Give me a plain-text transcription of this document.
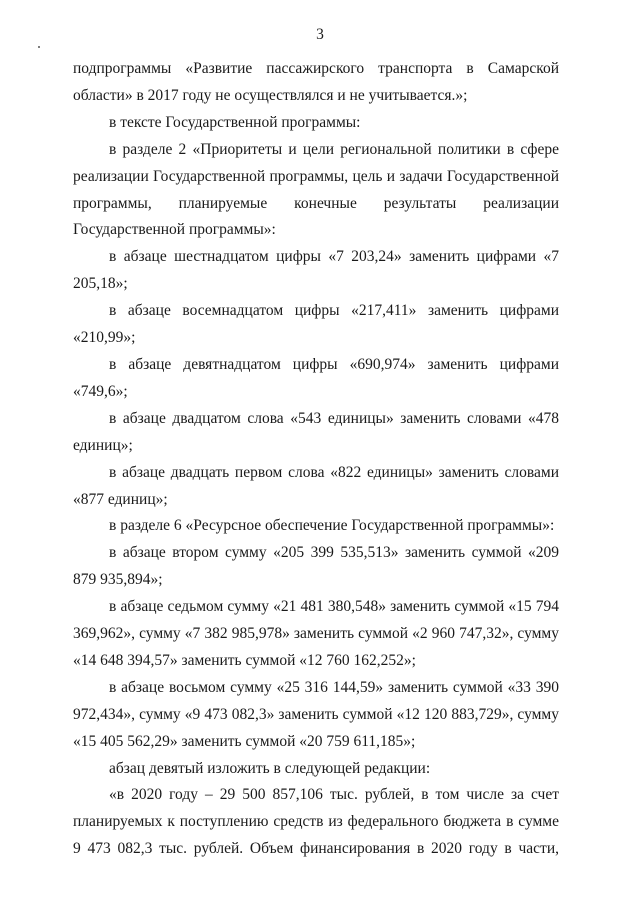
3

подпрограммы «Развитие пассажирского транспорта в Самарской области» в 2017 году не осуществлялся и не учитывается.»;

в тексте Государственной программы:

в разделе 2 «Приоритеты и цели региональной политики в сфере реализации Государственной программы, цель и задачи Государственной программы, планируемые конечные результаты реализации Государственной программы»:

в абзаце шестнадцатом цифры «7 203,24» заменить цифрами «7 205,18»;

в абзаце восемнадцатом цифры «217,411» заменить цифрами «210,99»;

в абзаце девятнадцатом цифры «690,974» заменить цифрами «749,6»;

в абзаце двадцатом слова «543 единицы» заменить словами «478 единиц»;

в абзаце двадцать первом слова «822 единицы» заменить словами «877 единиц»;

в разделе 6 «Ресурсное обеспечение Государственной программы»:

в абзаце втором сумму «205 399 535,513» заменить суммой «209 879 935,894»;

в абзаце седьмом сумму «21 481 380,548» заменить суммой «15 794 369,962», сумму «7 382 985,978» заменить суммой «2 960 747,32», сумму «14 648 394,57» заменить суммой «12 760 162,252»;

в абзаце восьмом сумму «25 316 144,59» заменить суммой «33 390 972,434», сумму «9 473 082,3» заменить суммой «12 120 883,729», сумму «15 405 562,29» заменить суммой «20 759 611,185»;

абзац девятый изложить в следующей редакции:

«в 2020 году – 29 500 857,106 тыс. рублей, в том числе за счет планируемых к поступлению средств из федерального бюджета в сумме 9 473 082,3 тыс. рублей. Объем финансирования в 2020 году в части,
